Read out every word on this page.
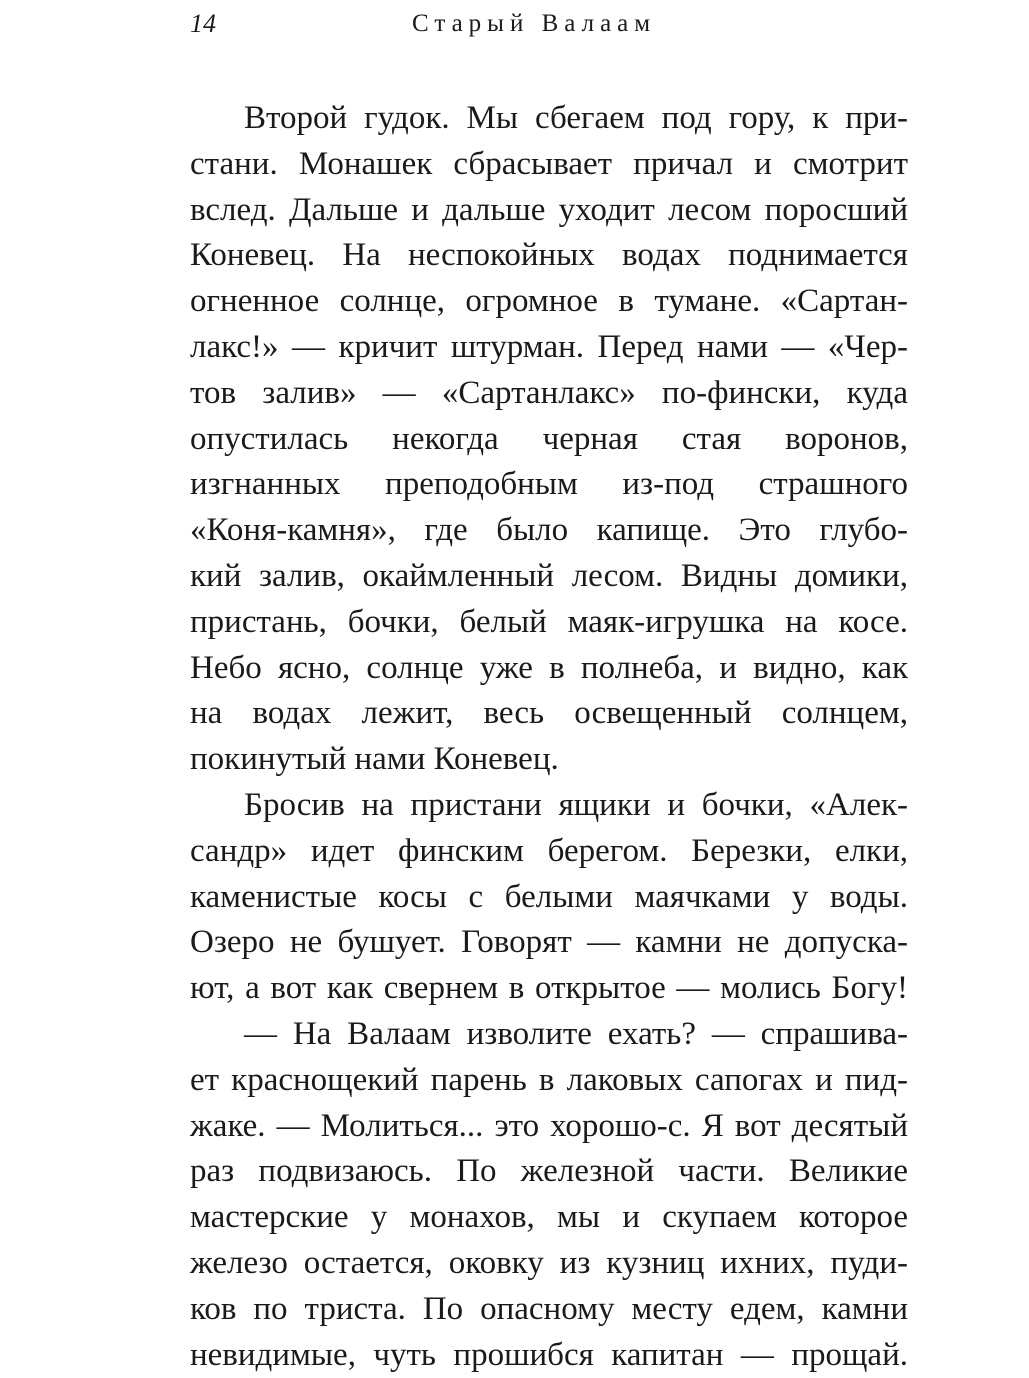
14	Старый Валаам
Второй гудок. Мы сбегаем под гору, к при-
стани. Монашек сбрасывает причал и смотрит
вслед. Дальше и дальше уходит лесом поросший
Коневец. На неспокойных водах поднимается
огненное солнце, огромное в тумане. «Сартан-
лакс!» — кричит штурман. Перед нами — «Чер-
тов залив» — «Сартанлакс» по-фински, куда
опустилась некогда черная стая воронов,
изгнанных преподобным из-под страшного
«Коня-камня», где было капище. Это глубо-
кий залив, окаймленный лесом. Видны домики,
пристань, бочки, белый маяк-игрушка на косе.
Небо ясно, солнце уже в полнеба, и видно, как
на водах лежит, весь освещенный солнцем,
покинутый нами Коневец.
Бросив на пристани ящики и бочки, «Алек-
сандр» идет финским берегом. Березки, елки,
каменистые косы с белыми маячками у воды.
Озеро не бушует. Говорят — камни не допуска-
ют, а вот как свернем в открытое — молись Богу!
— На Валаам изволите ехать? — спрашива-
ет краснощекий парень в лаковых сапогах и пид-
жаке. — Молиться... это хорошо-с. Я вот десятый
раз подвизаюсь. По железной части. Великие
мастерские у монахов, мы и скупаем которое
железо остается, оковку из кузниц ихних, пуди-
ков по триста. По опасному месту едем, камни
невидимые, чуть прошибся капитан — прощай.
